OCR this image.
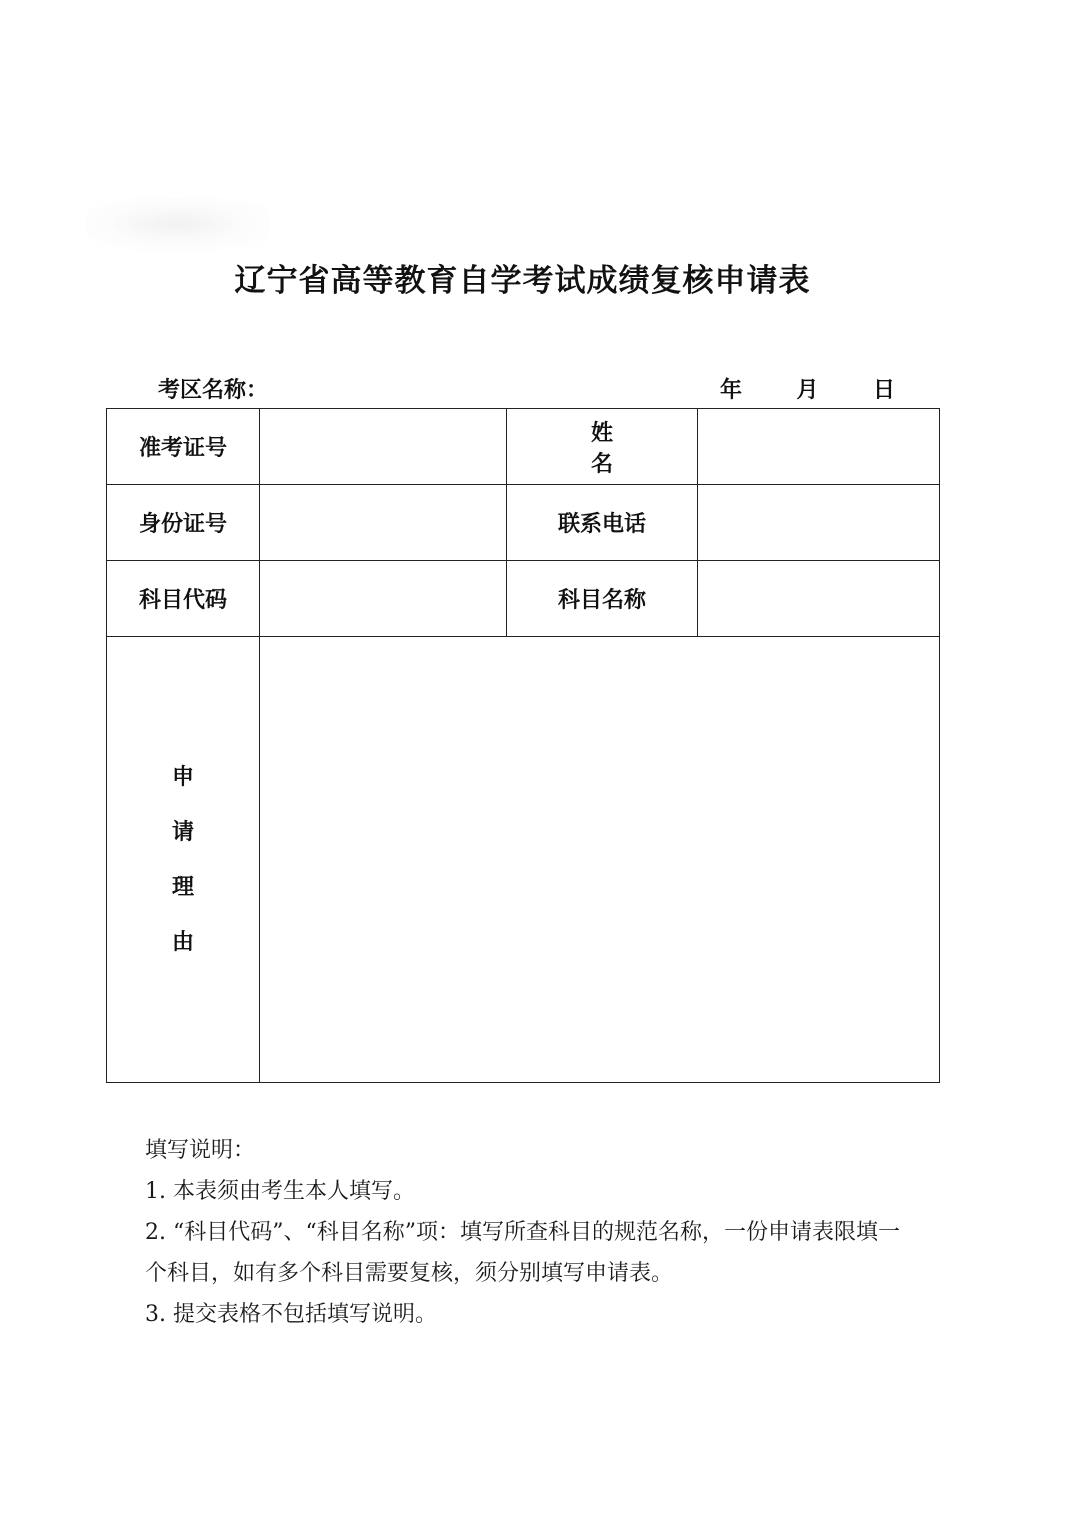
辽宁省高等教育自学考试成绩复核申请表
考区名称：	年 月 日
准考证号		姓名	
身份证号		联系电话	
科目代码		科目名称	

申
请
理
由			

填写说明：

1. 本表须由考生本人填写。

2. “科目代码”、“科目名称”项：填写所查科目的规范名称，一份申请表限填一个科目，如有多个科目需要复核，须分别填写申请表。

3. 提交表格不包括填写说明。
